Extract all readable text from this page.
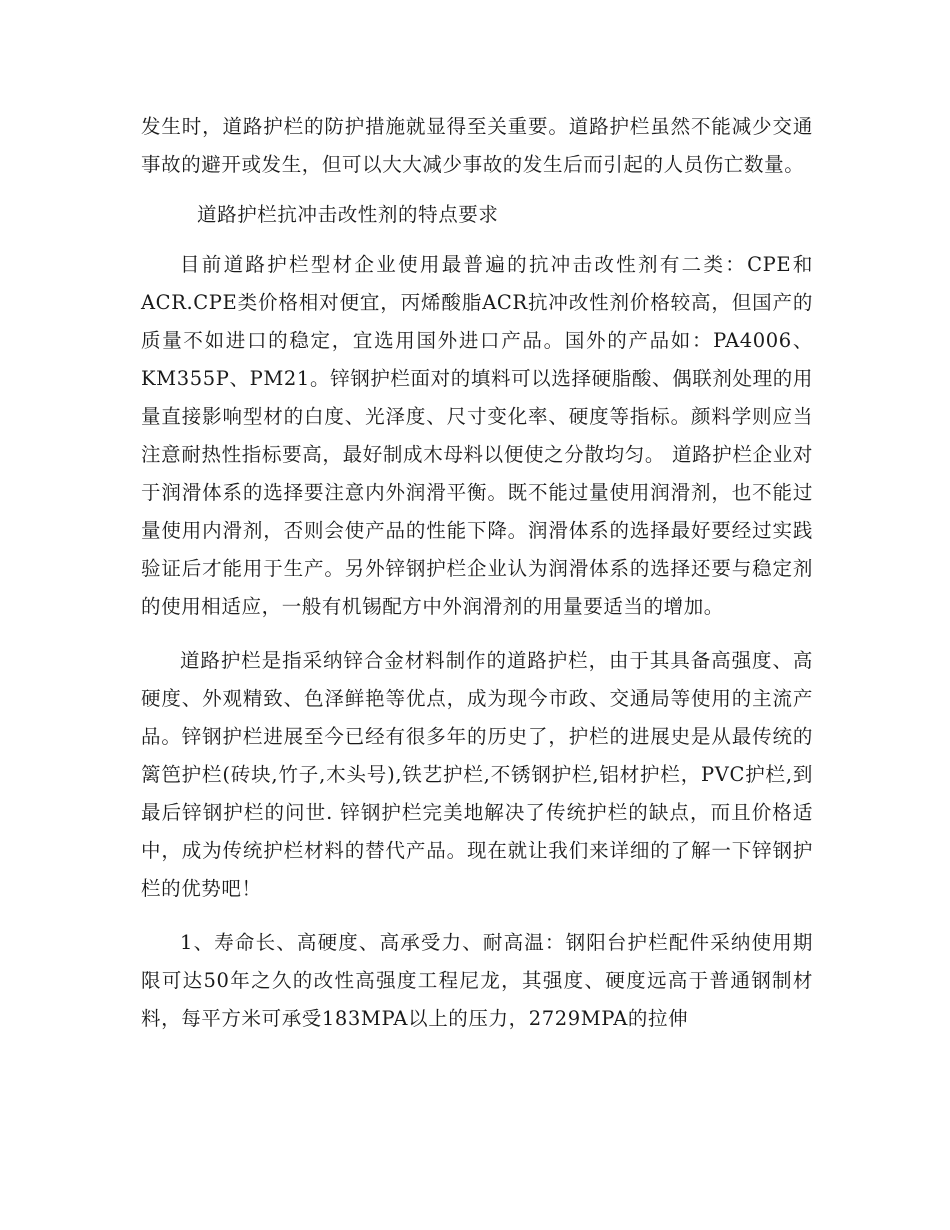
发生时，道路护栏的防护措施就显得至关重要。道路护栏虽然不能减少交通事故的避开或发生，但可以大大减少事故的发生后而引起的人员伤亡数量。

道路护栏抗冲击改性剂的特点要求

目前道路护栏型材企业使用最普遍的抗冲击改性剂有二类：CPE和ACR.CPE类价格相对便宜，丙烯酸脂ACR抗冲改性剂价格较高，但国产的质量不如进口的稳定，宜选用国外进口产品。国外的产品如：PA4006、KM355P、PM21。锌钢护栏面对的填料可以选择硬脂酸、偶联剂处理的用量直接影响型材的白度、光泽度、尺寸变化率、硬度等指标。颜料学则应当注意耐热性指标要高，最好制成木母料以便使之分散均匀。 道路护栏企业对于润滑体系的选择要注意内外润滑平衡。既不能过量使用润滑剂，也不能过量使用内滑剂，否则会使产品的性能下降。润滑体系的选择最好要经过实践验证后才能用于生产。另外锌钢护栏企业认为润滑体系的选择还要与稳定剂的使用相适应，一般有机锡配方中外润滑剂的用量要适当的增加。

道路护栏是指采纳锌合金材料制作的道路护栏，由于其具备高强度、高硬度、外观精致、色泽鲜艳等优点，成为现今市政、交通局等使用的主流产品。锌钢护栏进展至今已经有很多年的历史了，护栏的进展史是从最传统的篱笆护栏(砖块,竹子,木头号),铁艺护栏,不锈钢护栏,铝材护栏，PVC护栏,到最后锌钢护栏的问世. 锌钢护栏完美地解决了传统护栏的缺点，而且价格适中，成为传统护栏材料的替代产品。现在就让我们来详细的了解一下锌钢护栏的优势吧！

1、寿命长、高硬度、高承受力、耐高温：钢阳台护栏配件采纳使用期限可达50年之久的改性高强度工程尼龙，其强度、硬度远高于普通钢制材料，每平方米可承受183MPA以上的压力，2729MPA的拉伸
